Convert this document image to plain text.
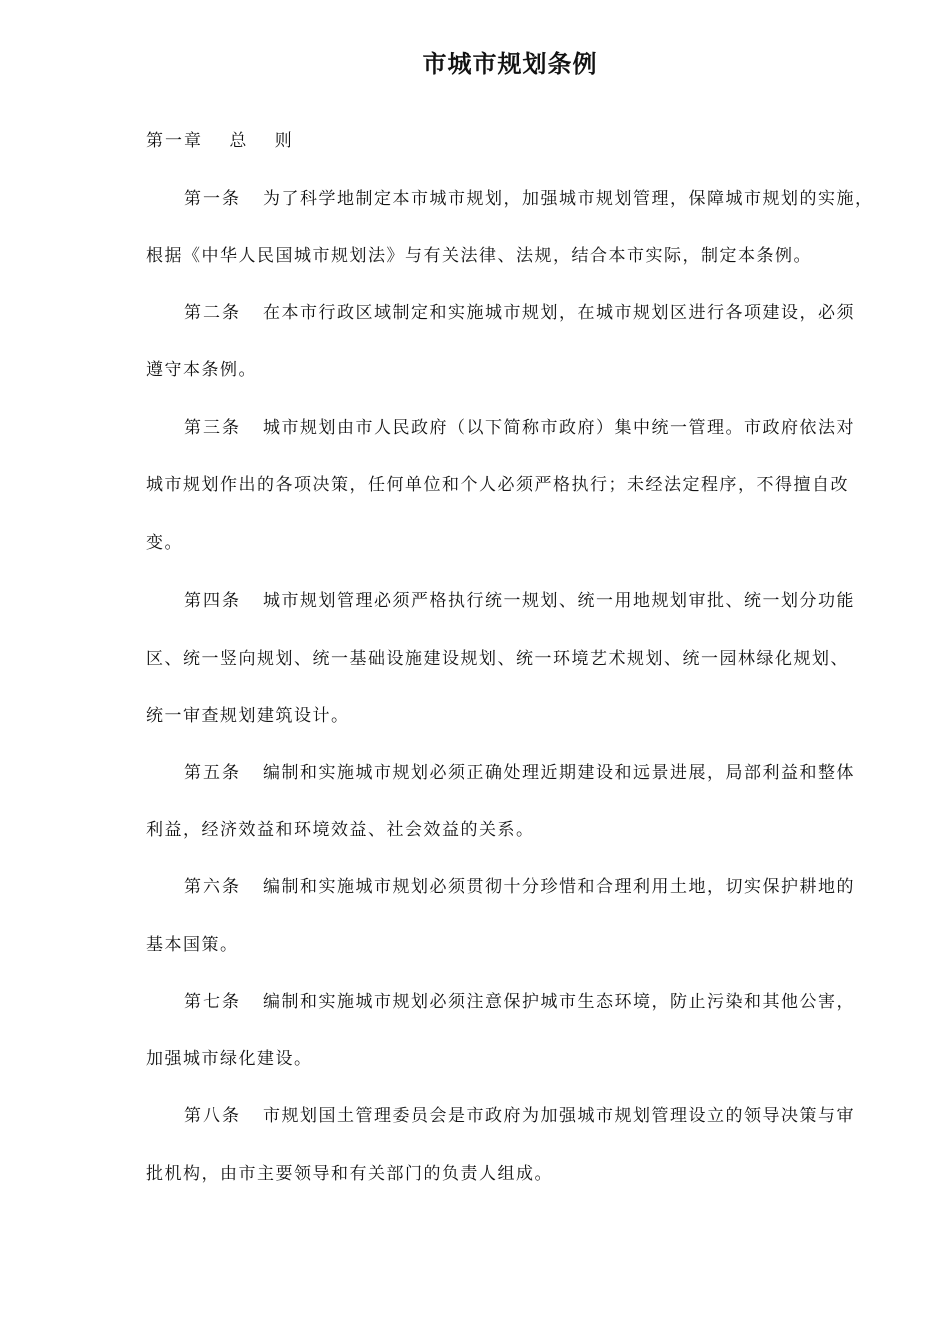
市城市规划条例

第一章　 总　 则

第一条 为了科学地制定本市城市规划，加强城市规划管理，保障城市规划的实施，

根据《中华人民国城市规划法》与有关法律、法规，结合本市实际，制定本条例。

第二条 在本市行政区域制定和实施城市规划，在城市规划区进行各项建设，必须

遵守本条例。

第三条 城市规划由市人民政府（以下简称市政府）集中统一管理。市政府依法对

城市规划作出的各项决策，任何单位和个人必须严格执行；未经法定程序，不得擅自改

变。

第四条 城市规划管理必须严格执行统一规划、统一用地规划审批、统一划分功能

区、统一竖向规划、统一基础设施建设规划、统一环境艺术规划、统一园林绿化规划、

统一审查规划建筑设计。

第五条 编制和实施城市规划必须正确处理近期建设和远景进展，局部利益和整体

利益，经济效益和环境效益、社会效益的关系。

第六条 编制和实施城市规划必须贯彻十分珍惜和合理利用土地，切实保护耕地的

基本国策。

第七条 编制和实施城市规划必须注意保护城市生态环境，防止污染和其他公害，

加强城市绿化建设。

第八条 市规划国土管理委员会是市政府为加强城市规划管理设立的领导决策与审

批机构，由市主要领导和有关部门的负责人组成。
